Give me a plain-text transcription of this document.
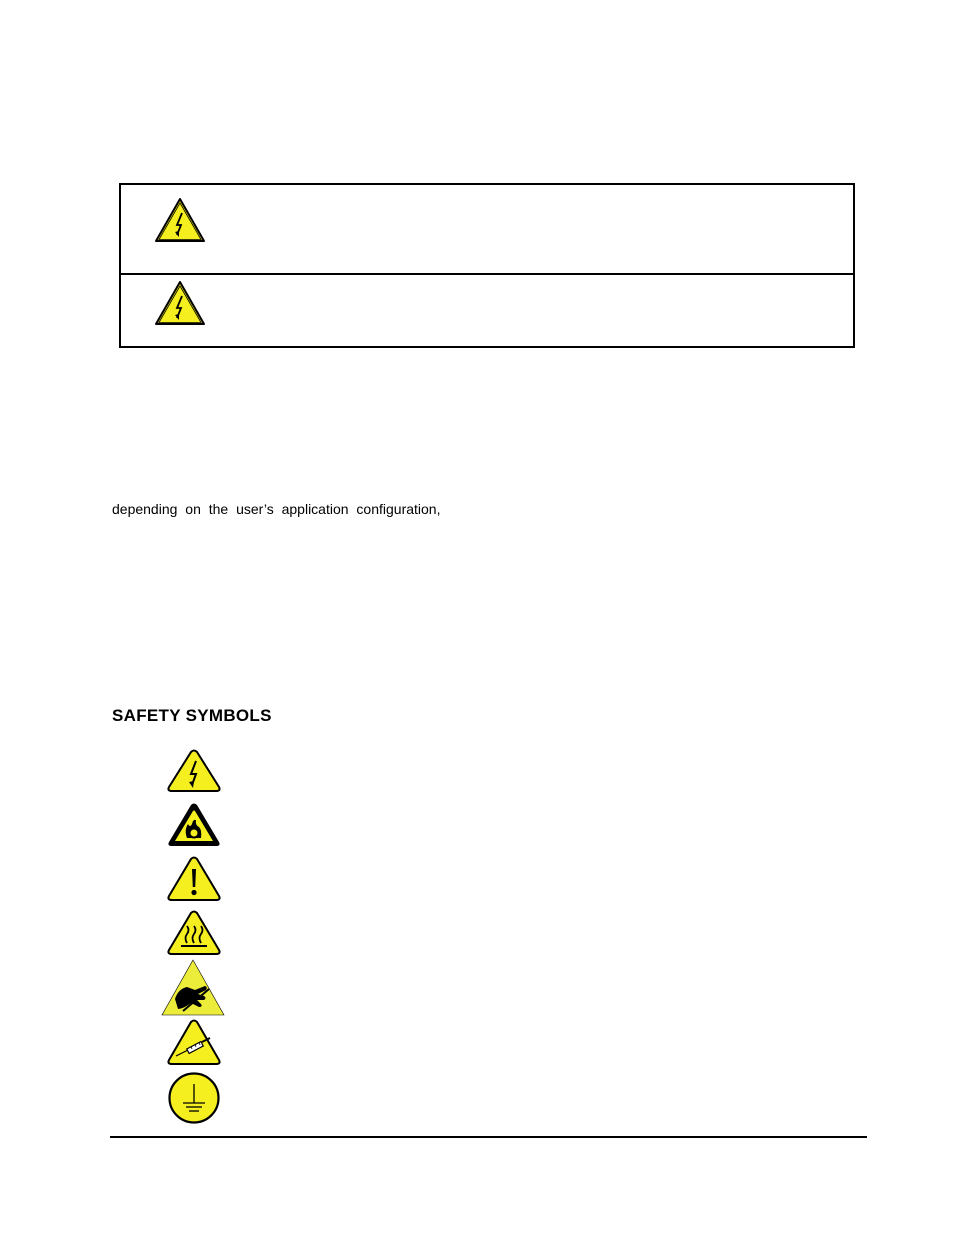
depending on the user’s application configuration,
SAFETY SYMBOLS
